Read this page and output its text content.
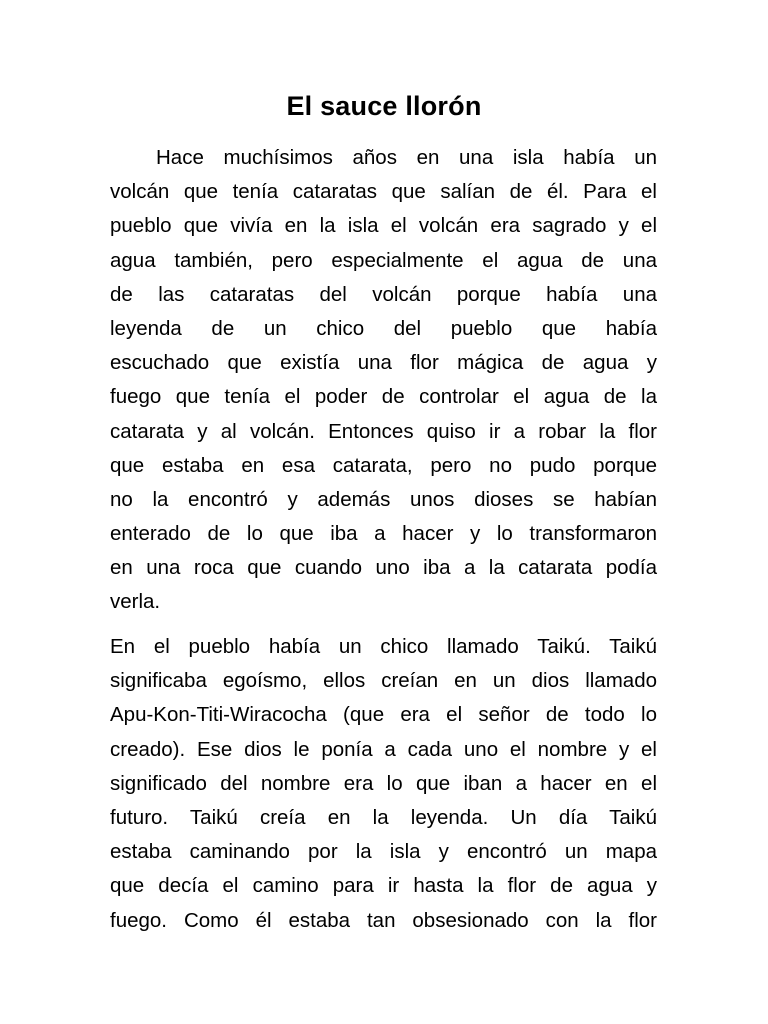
El sauce llorón
Hace muchísimos años en una isla había un
volcán que tenía cataratas que salían de él. Para el
pueblo que vivía en la isla el volcán era sagrado y el
agua también, pero especialmente el agua de una
de las cataratas del volcán porque había una
leyenda de un chico del pueblo que había
escuchado que existía una flor mágica de agua y
fuego que tenía el poder de controlar el agua de la
catarata y al volcán. Entonces quiso ir a robar la flor
que estaba en esa catarata, pero no pudo porque
no la encontró y además unos dioses se habían
enterado de lo que iba a hacer y lo transformaron
en una roca que cuando uno iba a la catarata podía
verla.
En el pueblo había un chico llamado Taikú. Taikú
significaba egoísmo, ellos creían en un dios llamado
Apu-Kon-Titi-Wiracocha (que era el señor de todo lo
creado). Ese dios le ponía a cada uno el nombre y el
significado del nombre era lo que iban a hacer en el
futuro. Taikú creía en la leyenda. Un día Taikú
estaba caminando por la isla y encontró un mapa
que decía el camino para ir hasta la flor de agua y
fuego. Como él estaba tan obsesionado con la flor
